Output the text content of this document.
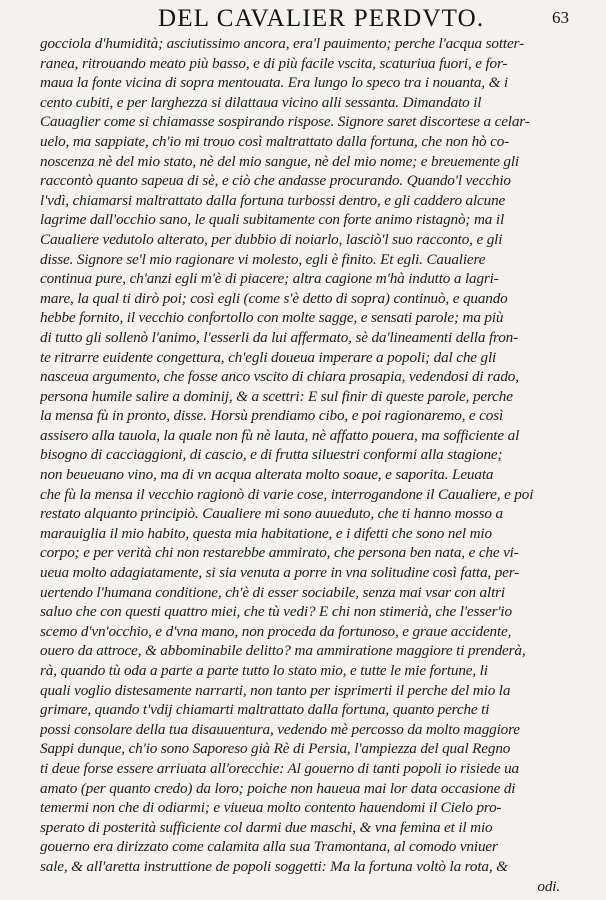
DEL CAVALIER PERDVTO.	63
gocciola d'humidità; asciutissimo ancora, era'l pauimento; perche l'acqua sotter-
ranea, ritrouando meato più basso, e di più facile vscita, scaturiua fuori, e for-
maua la fonte vicina di sopra mentouata. Era lungo lo speco tra i nouanta, & i
cento cubiti, e per larghezza si dilattaua vicino alli sessanta. Dimandato il
Cauaglier come si chiamasse sospirando rispose. Signore saret discortese a celar-
uelo, ma sappiate, ch'io mi trouo così maltrattato dalla fortuna, che non hò co-
noscenza nè del mio stato, nè del mio sangue, nè del mio nome; e breuemente gli
raccontò quanto sapeua di sè, e ciò che andasse procurando. Quando'l vecchio
l'vdì, chiamarsi maltrattato dalla fortuna turbossi dentro, e gli caddero alcune
lagrime dall'occhio sano, le quali subitamente con forte animo ristagnò; ma il
Caualiere vedutolo alterato, per dubbio di noiarlo, lasciò'l suo racconto, e gli
disse. Signore se'l mio ragionare vi molesto, egli è finito. Et egli. Caualiere
continua pure, ch'anzi egli m'è di piacere; altra cagione m'hà indutto a lagri-
mare, la qual ti dirò poi; così egli (come s'è detto di sopra) continuò, e quando
hebbe fornito, il vecchio confortollo con molte sagge, e sensati parole; ma più
di tutto gli sollenò l'animo, l'esserli da lui affermato, sè da'lineamenti della fron-
te ritrarre euidente congettura, ch'egli doueua imperare a popoli; dal che gli
nasceua argumento, che fosse anco vscito di chiara prosapia, vedendosi di rado,
persona humile salire a dominij, & a scettri: E sul finir di queste parole, perche
la mensa fù in pronto, disse. Horsù prendiamo cibo, e poi ragionaremo, e così
assisero alla tauola, la quale non fù nè lauta, nè affatto pouera, ma sofficiente al
bisogno di cacciaggioni, di cascio, e di frutta siluestri conformi alla stagione;
non beueuano vino, ma di vn acqua alterata molto soaue, e saporita. Leuata
che fù la mensa il vecchio ragionò di varie cose, interrogandone il Caualiere, e poi
restato alquanto principiò. Caualiere mi sono auueduto, che ti hanno mosso a
marauiglia il mio habito, questa mia habitatione, e i difetti che sono nel mio
corpo; e per verità chi non restarebbe ammirato, che persona ben nata, e che vi-
ueua molto adagiatamente, si sia venuta a porre in vna solitudine così fatta, per-
uertendo l'humana conditione, ch'è di esser sociabile, senza mai vsar con altri
saluo che con questi quattro miei, che tù vedi? E chi non stimerià, che l'esser'io
scemo d'vn'occhio, e d'vna mano, non proceda da fortunoso, e graue accidente,
ouero da attroce, & abbominabile delitto? ma ammiratione maggiore ti prenderà,
rà, quando tù oda a parte a parte tutto lo stato mio, e tutte le mie fortune, li
quali voglio distesamente narrarti, non tanto per isprimerti il perche del mio la
grimare, quando t'vdij chiamarti maltrattato dalla fortuna, quanto perche ti
possi consolare della tua disauuentura, vedendo mè percosso da molto maggiore
Sappi dunque, ch'io sono Saporeso già Rè di Persia, l'ampiezza del qual Regno
ti deue forse essere arriuata all'orecchie: Al gouerno di tanti popoli io risiede ua
amato (per quanto credo) da loro; poiche non haueua mai lor data occasione di
temermi non che di odiarmi; e viueua molto contento hauendomi il Cielo pro-
sperato di posterità sufficiente col darmi due maschi, & vna femina et il mio
gouerno era dirizzato come calamita alla sua Tramontana, al comodo vniuer
sale, & all'aretta instruttione de popoli soggetti: Ma la fortuna voltò la rota, &
odi.
